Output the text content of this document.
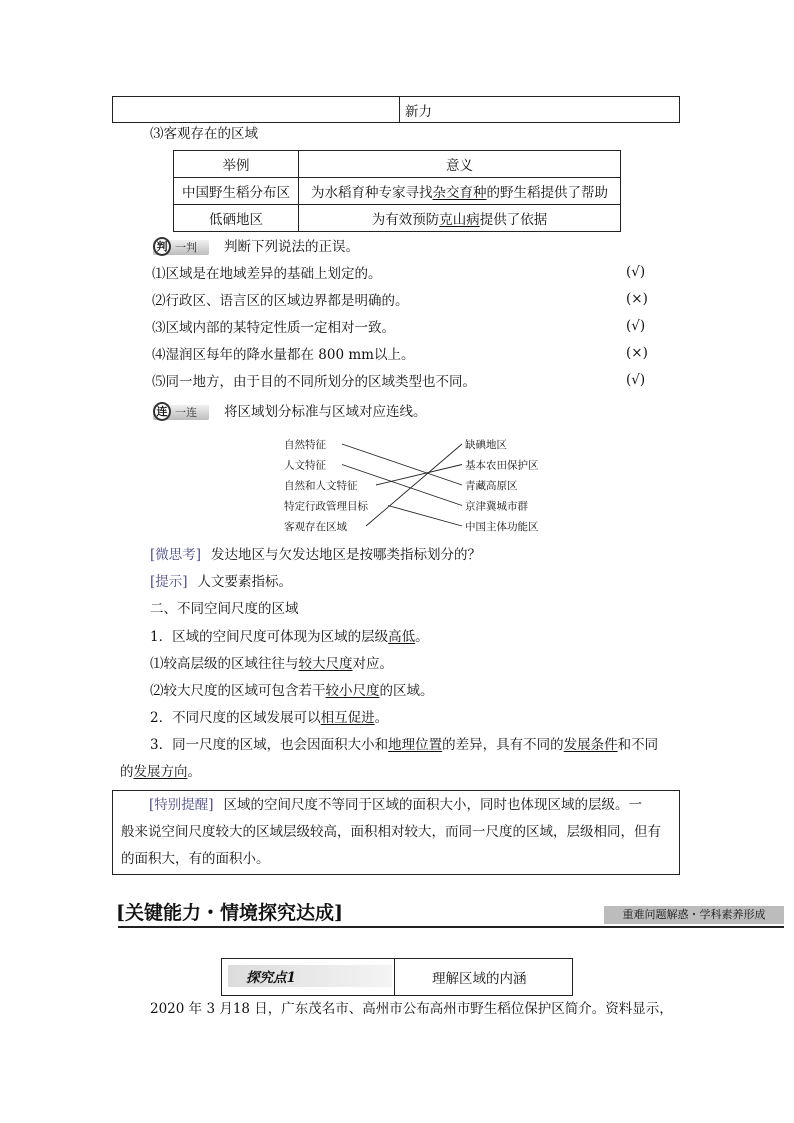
新力
⑶客观存在的区域
举例	意义
中国野生稻分布区	为水稻育种专家寻找杂交育种的野生稻提供了帮助
低硒地区	为有效预防克山病提供了依据
判 一判 判断下列说法的正误。
⑴区域是在地域差异的基础上划定的。	(√)
⑵行政区、语言区的区域边界都是明确的。	(×)
⑶区域内部的某特定性质一定相对一致。	(√)
⑷湿润区每年的降水量都在 800 mm以上。	(×)
⑸同一地方，由于目的不同所划分的区域类型也不同。	(√)
连 一连 将区域划分标准与区域对应连线。
自然特征
人文特征
自然和人文特征
特定行政管理目标
客观存在区域
缺碘地区
基本农田保护区
青藏高原区
京津冀城市群
中国主体功能区
[微思考] 发达地区与欠发达地区是按哪类指标划分的？
[提示] 人文要素指标。
二、不同空间尺度的区域
1．区域的空间尺度可体现为区域的层级高低。
⑴较高层级的区域往往与较大尺度对应。
⑵较大尺度的区域可包含若干较小尺度的区域。
2．不同尺度的区域发展可以相互促进。
3．同一尺度的区域，也会因面积大小和地理位置的差异，具有不同的发展条件和不同
的发展方向。
[特别提醒] 区域的空间尺度不等同于区域的面积大小，同时也体现区域的层级。一
般来说空间尺度较大的区域层级较高，面积相对较大，而同一尺度的区域，层级相同，但有
的面积大，有的面积小。
[关键能力・情境探究达成]	重难问题解惑・学科素养形成
探究点1	理解区域的内涵
2020 年 3 月18 日，广东茂名市、高州市公布高州市野生稻位保护区简介。资料显示，
